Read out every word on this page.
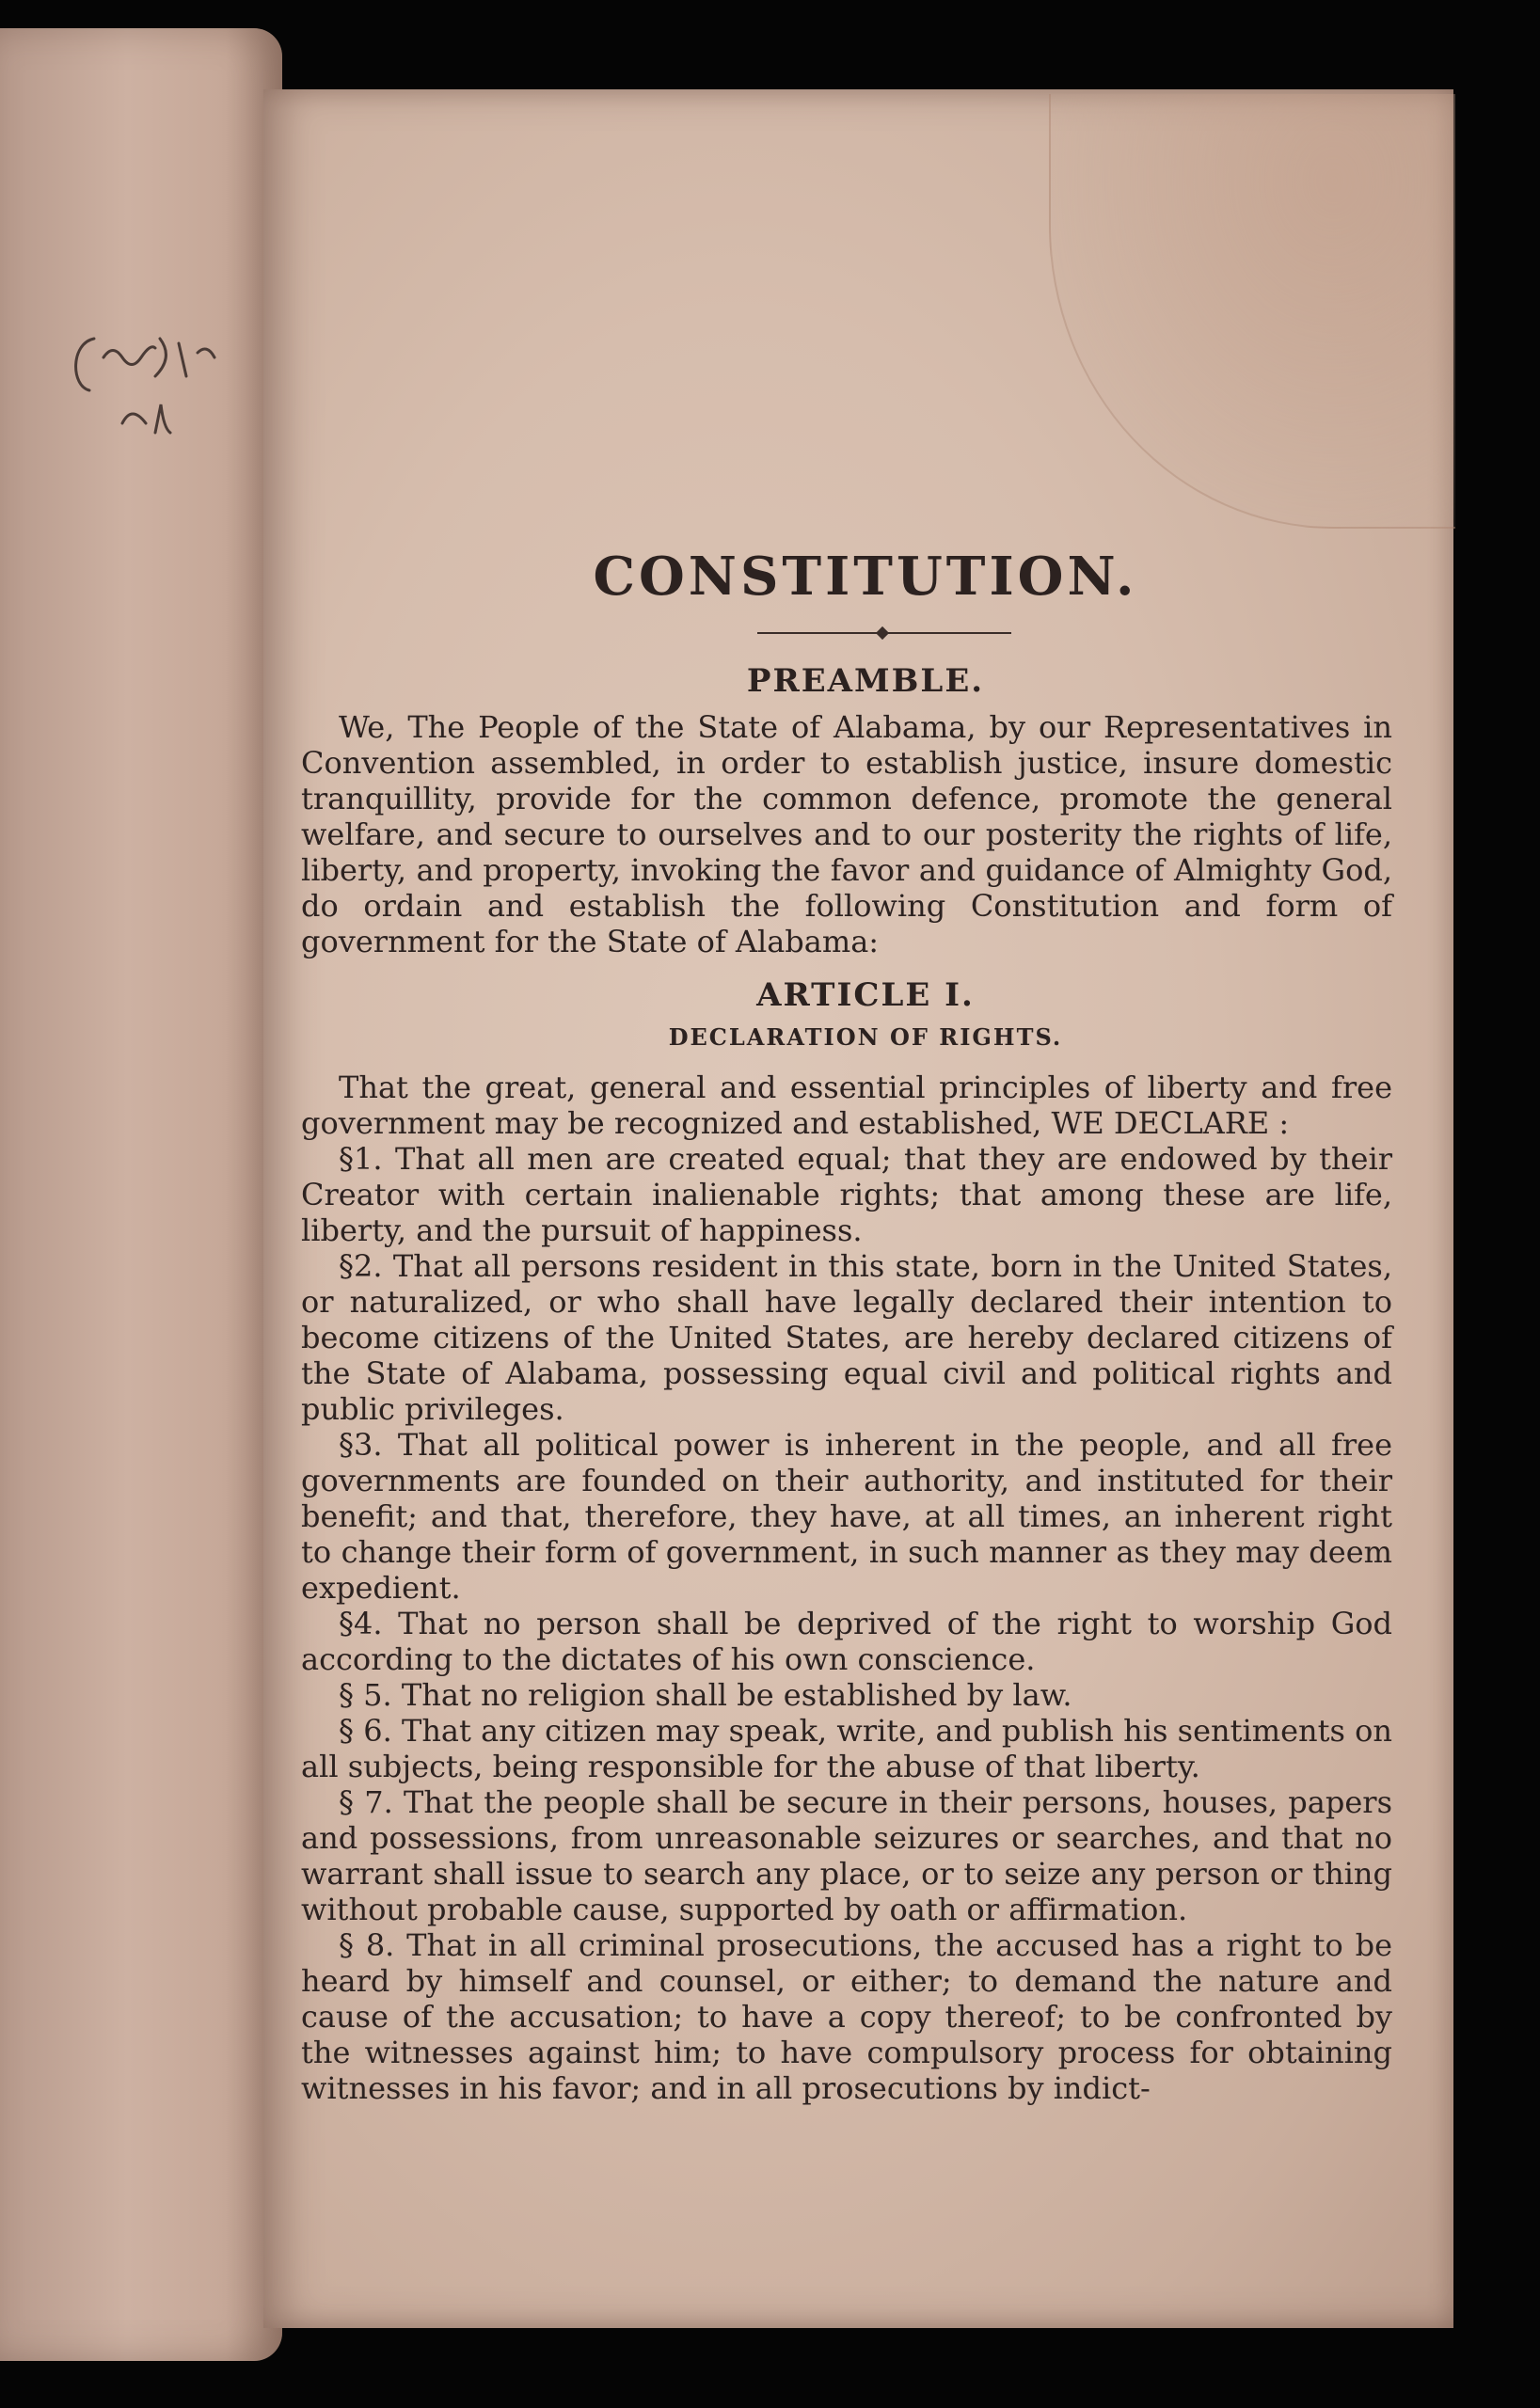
CONSTITUTION.
PREAMBLE.

We, The People of the State of Alabama, by our Representatives in Convention assembled, in order to establish justice, insure domestic tranquillity, provide for the common defence, promote the general welfare, and secure to ourselves and to our posterity the rights of life, liberty, and property, invoking the favor and guidance of Almighty God, do ordain and establish the following Constitution and form of government for the State of Alabama:

ARTICLE I.
DECLARATION OF RIGHTS.

That the great, general and essential principles of liberty and free government may be recognized and established, WE DECLARE :

§1. That all men are created equal; that they are endowed by their Creator with certain inalienable rights; that among these are life, liberty, and the pursuit of happiness.

§2. That all persons resident in this state, born in the United States, or naturalized, or who shall have legally declared their intention to become citizens of the United States, are hereby declared citizens of the State of Alabama, possessing equal civil and political rights and public privileges.

§3. That all political power is inherent in the people, and all free governments are founded on their authority, and instituted for their benefit; and that, therefore, they have, at all times, an inherent right to change their form of government, in such manner as they may deem expedient.

§4. That no person shall be deprived of the right to worship God according to the dictates of his own conscience.

§ 5. That no religion shall be established by law.

§ 6. That any citizen may speak, write, and publish his sentiments on all subjects, being responsible for the abuse of that liberty.

§ 7. That the people shall be secure in their persons, houses, papers and possessions, from unreasonable seizures or searches, and that no warrant shall issue to search any place, or to seize any person or thing without probable cause, supported by oath or affirmation.

§ 8. That in all criminal prosecutions, the accused has a right to be heard by himself and counsel, or either; to demand the nature and cause of the accusation; to have a copy thereof; to be confronted by the witnesses against him; to have compulsory process for obtaining witnesses in his favor; and in all prosecutions by indict-
